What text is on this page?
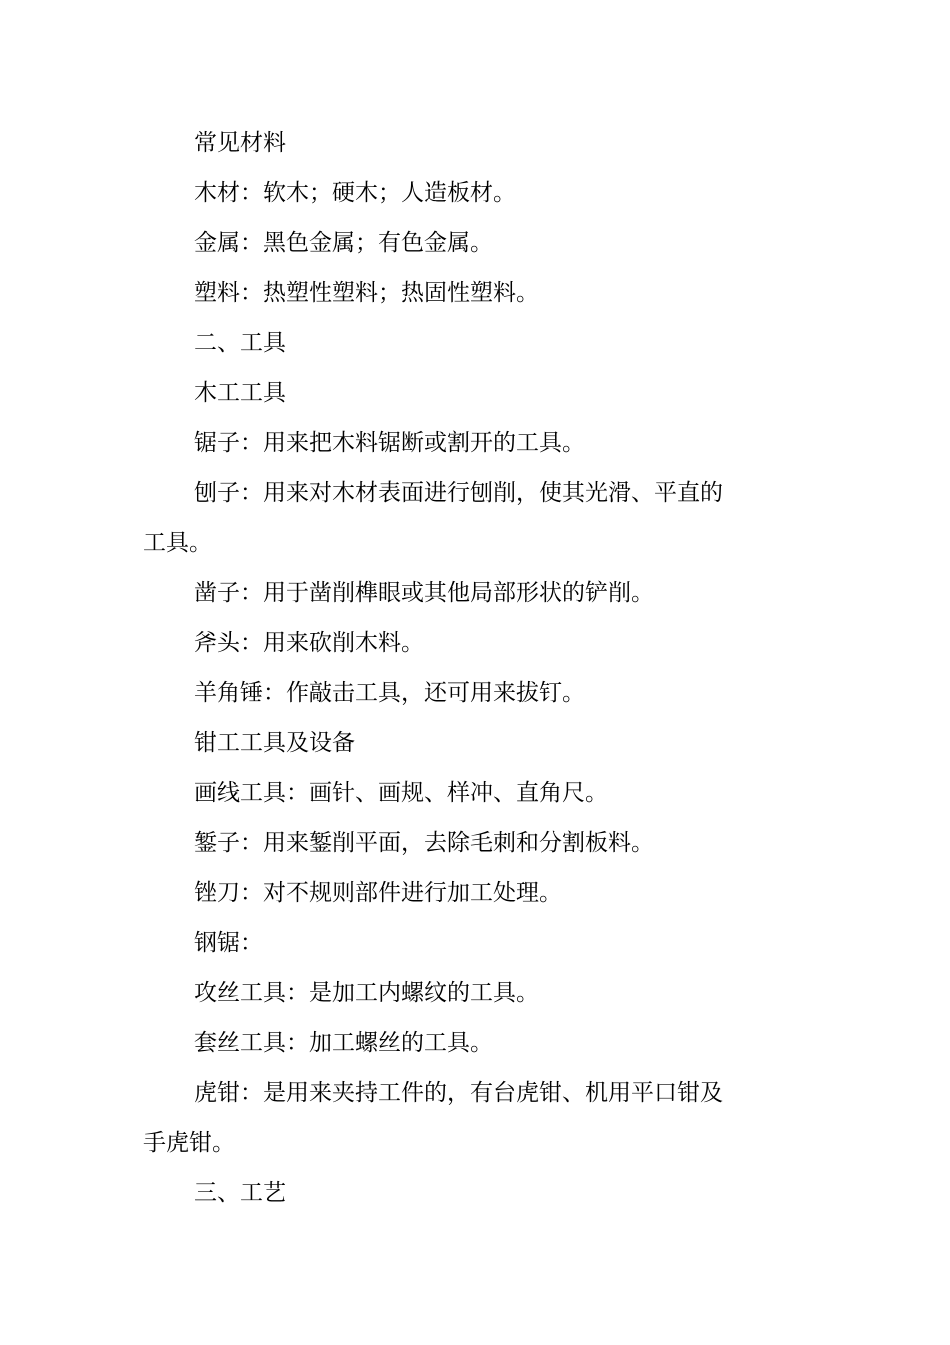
常见材料

木材：软木；硬木；人造板材。

金属：黑色金属；有色金属。

塑料：热塑性塑料；热固性塑料。

二、工具

木工工具

锯子：用来把木料锯断或割开的工具。

刨子：用来对木材表面进行刨削，使其光滑、平直的工具。

凿子：用于凿削榫眼或其他局部形状的铲削。

斧头：用来砍削木料。

羊角锤：作敲击工具，还可用来拔钉。

钳工工具及设备

画线工具：画针、画规、样冲、直角尺。

錾子：用来錾削平面，去除毛刺和分割板料。

锉刀：对不规则部件进行加工处理。

钢锯：

攻丝工具：是加工内螺纹的工具。

套丝工具：加工螺丝的工具。

虎钳：是用来夹持工件的，有台虎钳、机用平口钳及手虎钳。

三、工艺
